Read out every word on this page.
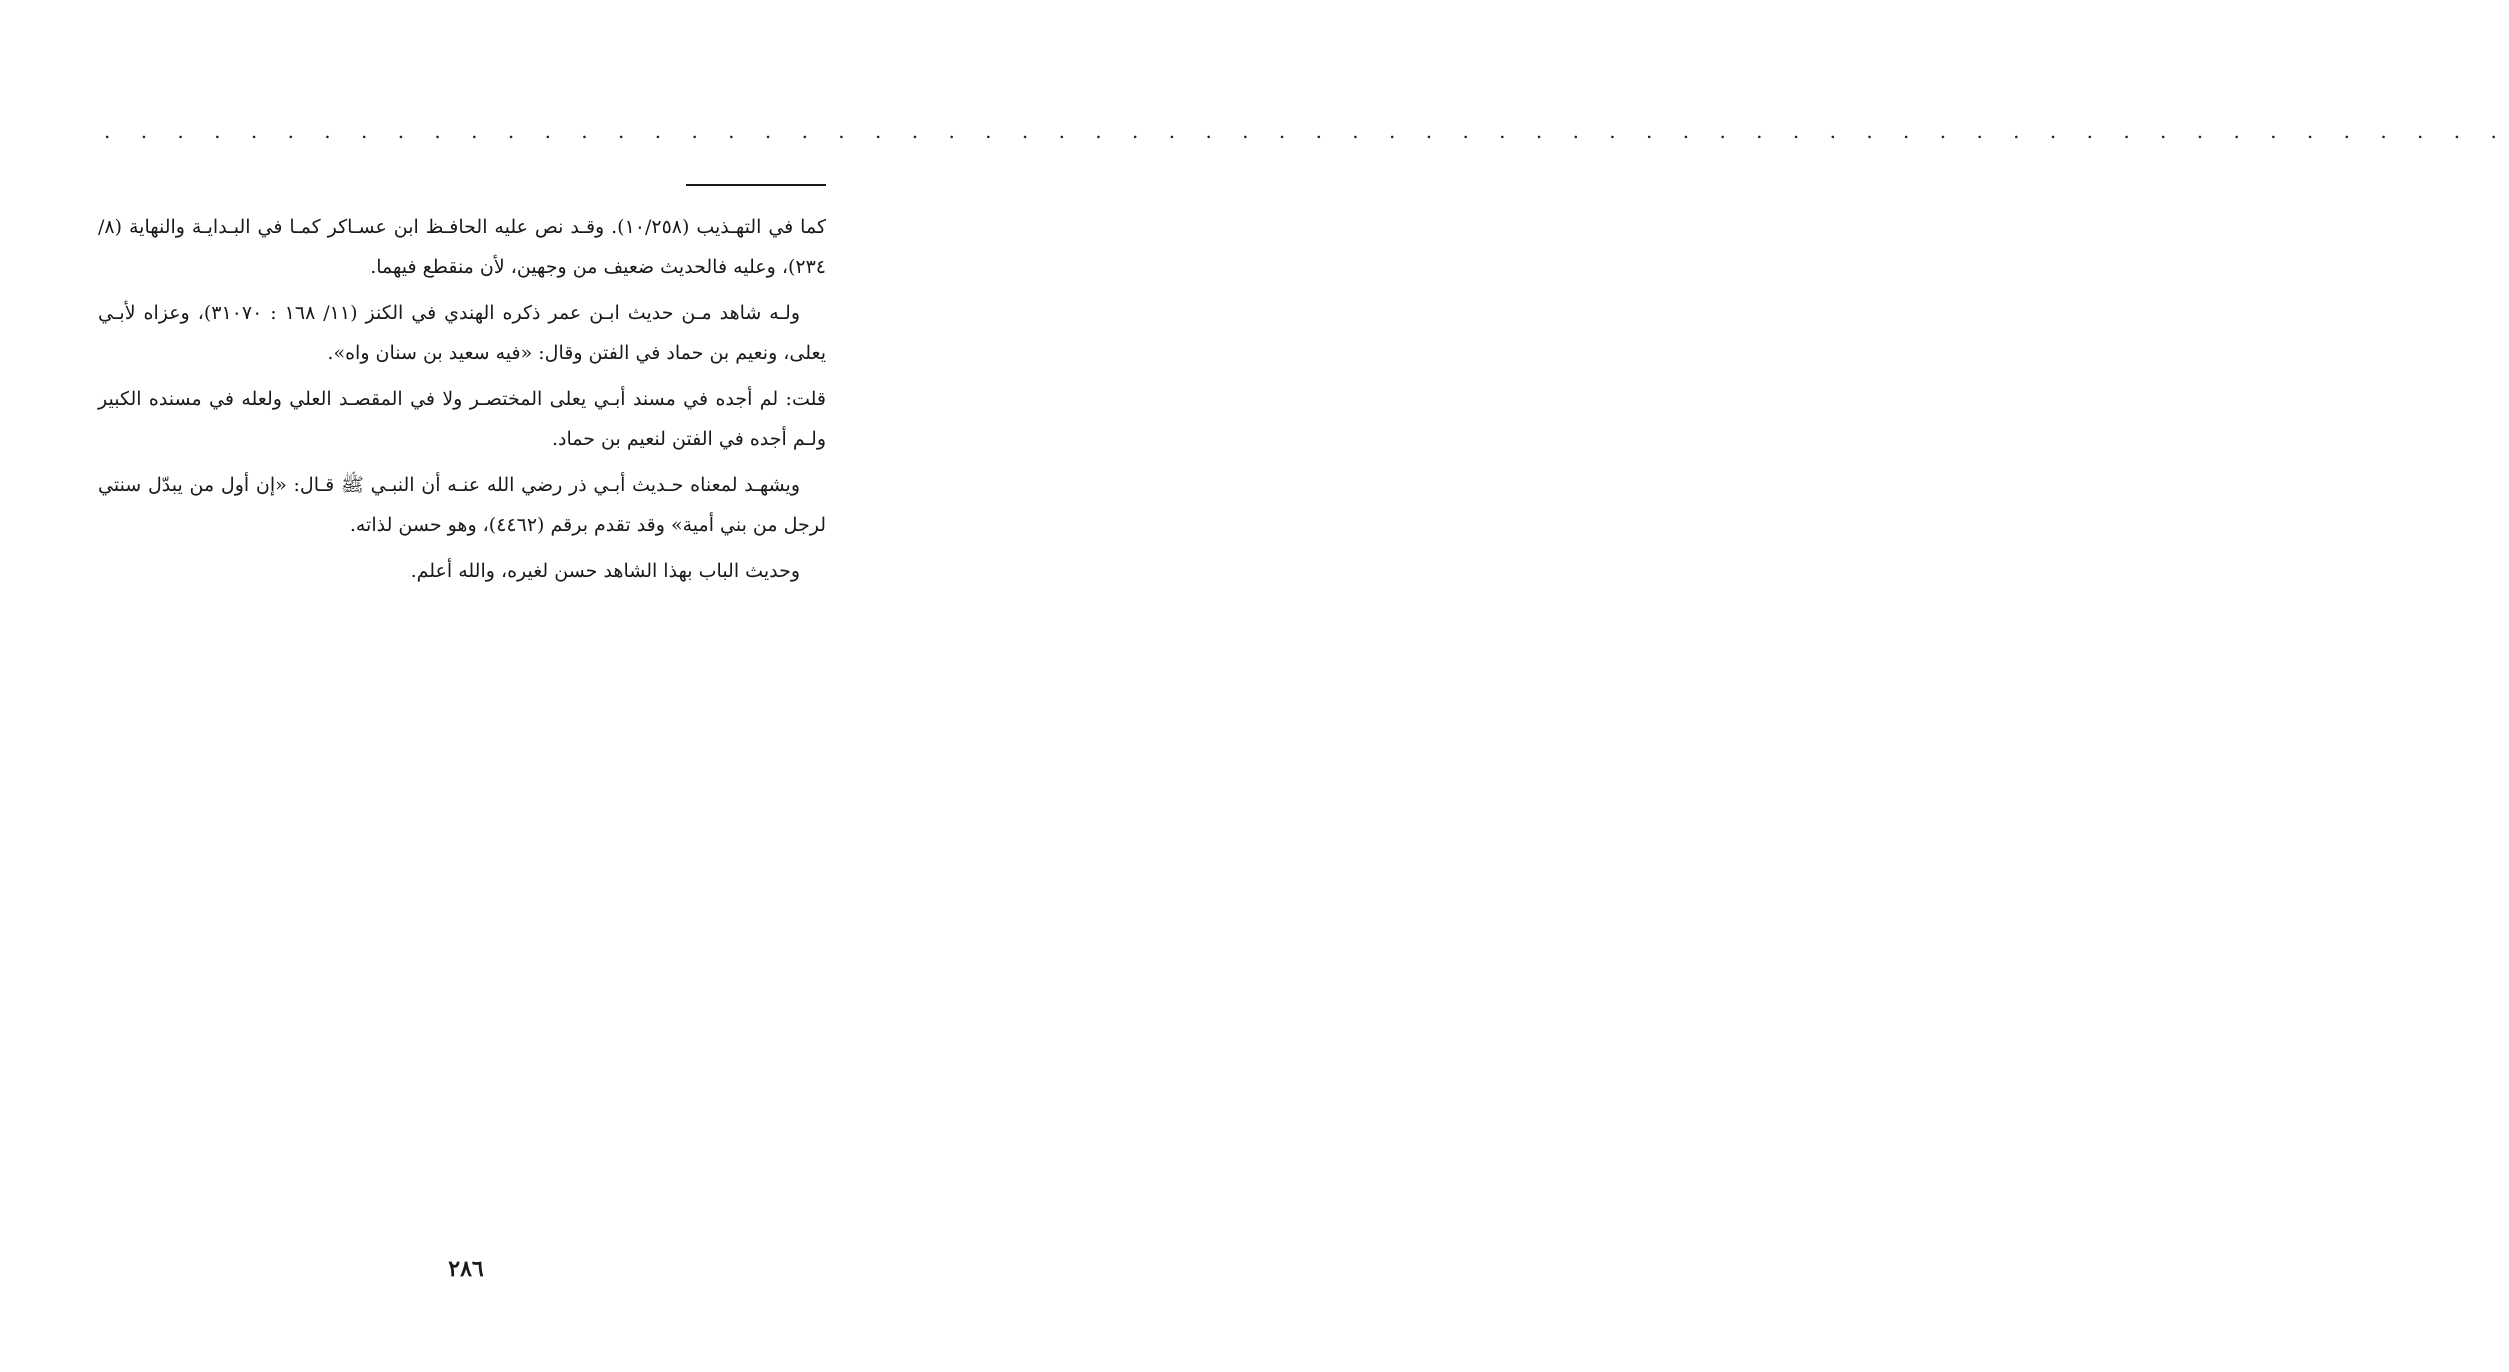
. . . . . . . . . . . . . . . . . . . . . . . . . . . . . . . . . . . . . . . . . . . . . . . . . . . . . . . . . . . . . . . . . .

كما في التهـذيب (١٠/٢٥٨). وقـد نص عليه الحافـظ ابن عسـاكر كمـا في البـدايـة والنهاية (٨/ ٢٣٤)، وعليه فالحديث ضعيف من وجهين، لأن منقطع فيهما.

ولـه شاهد مـن حديث ابـن عمر ذكره الهندي في الكنز (١١/ ١٦٨ : ٣١٠٧٠)، وعزاه لأبـي يعلى، ونعيم بن حماد في الفتن وقال: «فيه سعيد بن سنان واه».

قلت: لم أجده في مسند أبـي يعلى المختصـر ولا في المقصـد العلي ولعله في مسنده الكبير ولـم أجده في الفتن لنعيم بن حماد.

ويشهـد لمعناه حـديث أبـي ذر رضي الله عنـه أن النبـي ﷺ قـال: «إن أول من يبدّل سنتي لرجل من بني أمية» وقد تقدم برقم (٤٤٦٢)، وهو حسن لذاته.

وحديث الباب بهذا الشاهد حسن لغيره، والله أعلم.

٢٨٦
